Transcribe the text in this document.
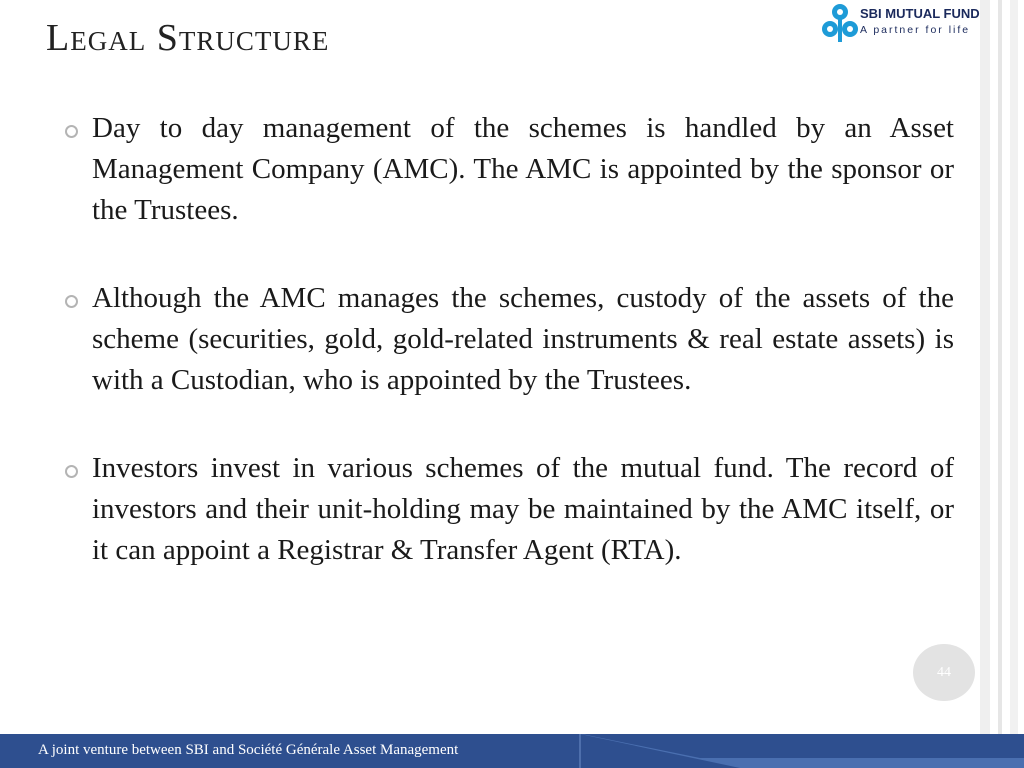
Legal Structure
SBI MUTUAL FUND
A partner for life
Day to day management of the schemes is handled by an Asset Management Company (AMC). The AMC is appointed by the sponsor or the Trustees.
Although the AMC manages the schemes, custody of the assets of the scheme (securities, gold, gold-related instruments & real estate assets) is with a Custodian, who is appointed by the Trustees.
Investors invest in various schemes of the mutual fund. The record of investors and their unit-holding may be maintained by the AMC itself, or it can appoint a Registrar & Transfer Agent (RTA).
44
A joint venture between SBI and Société Générale Asset Management
